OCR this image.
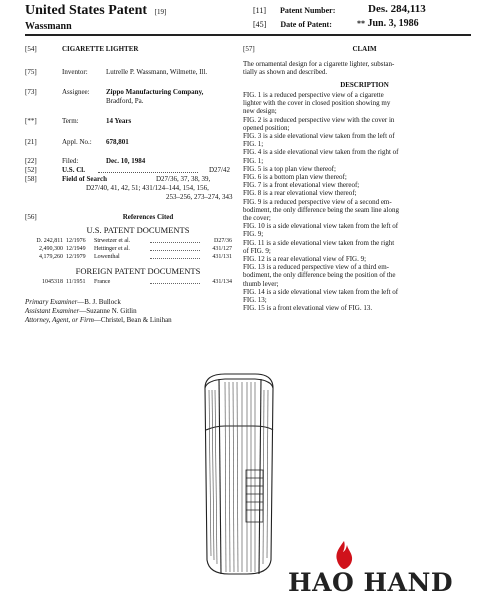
United States Patent [19]
Wassmann
[11] Patent Number:	Des. 284,113
[45] Date of Patent:	** Jun. 3, 1986
[54]	CIGARETTE LIGHTER
[75]	Inventor:	Lutrelle P. Wassmann, Wilmette, Ill.
[73]	Assignee: Zippo Manufacturing Company,
Bradford, Pa.
[**]	Term:	14 Years
[21]	Appl. No.: 678,801
[22]	Filed:	Dec. 10, 1984
[52]	U.S. Cl.	D27/42
[58]	Field of Search	D27/36, 37, 38, 39,
D27/40, 41, 42, 51; 431/124–144, 154, 156,
253–256, 273–274, 343
[56]	References Cited
U.S. PATENT DOCUMENTS
D. 242,811 12/1976 Strwetzer et al.	D27/36
2,490,300 12/1949 Hettinger et al.	431/127
4,179,260 12/1979 Lowenthal	431/131
FOREIGN PATENT DOCUMENTS
1045318 11/1951 France	431/134
Primary Examiner—B. J. Bullock
Assistant Examiner—Suzanne N. Gitlin
Attorney, Agent, or Firm—Christel, Bean & Linihan
[57]	CLAIM
The ornamental design for a cigarette lighter, substan-
tially as shown and described.
DESCRIPTION
FIG. 1 is a reduced perspective view of a cigarette
lighter with the cover in closed position showing my
new design;
FIG. 2 is a reduced perspective view with the cover in
opened position;
FIG. 3 is a side elevational view taken from the left of
FIG. 1;
FIG. 4 is a side elevational view taken from the right of
FIG. 1;
FIG. 5 is a top plan view thereof;
FIG. 6 is a bottom plan view thereof;
FIG. 7 is a front elevational view thereof;
FIG. 8 is a rear elevational view thereof;
FIG. 9 is a reduced perspective view of a second em-
bodiment, the only difference being the seam line along
the cover;
FIG. 10 is a side elevational view taken from the left of
FIG. 9;
FIG. 11 is a side elevational view taken from the right
of FIG. 9;
FIG. 12 is a rear elevational view of FIG. 9;
FIG. 13 is a reduced perspective view of a third em-
bodiment, the only difference being the position of the
thumb lever;
FIG. 14 is a side elevational view taken from the left of
FIG. 13;
FIG. 15 is a front elevational view of FIG. 13.
HAO HAND
